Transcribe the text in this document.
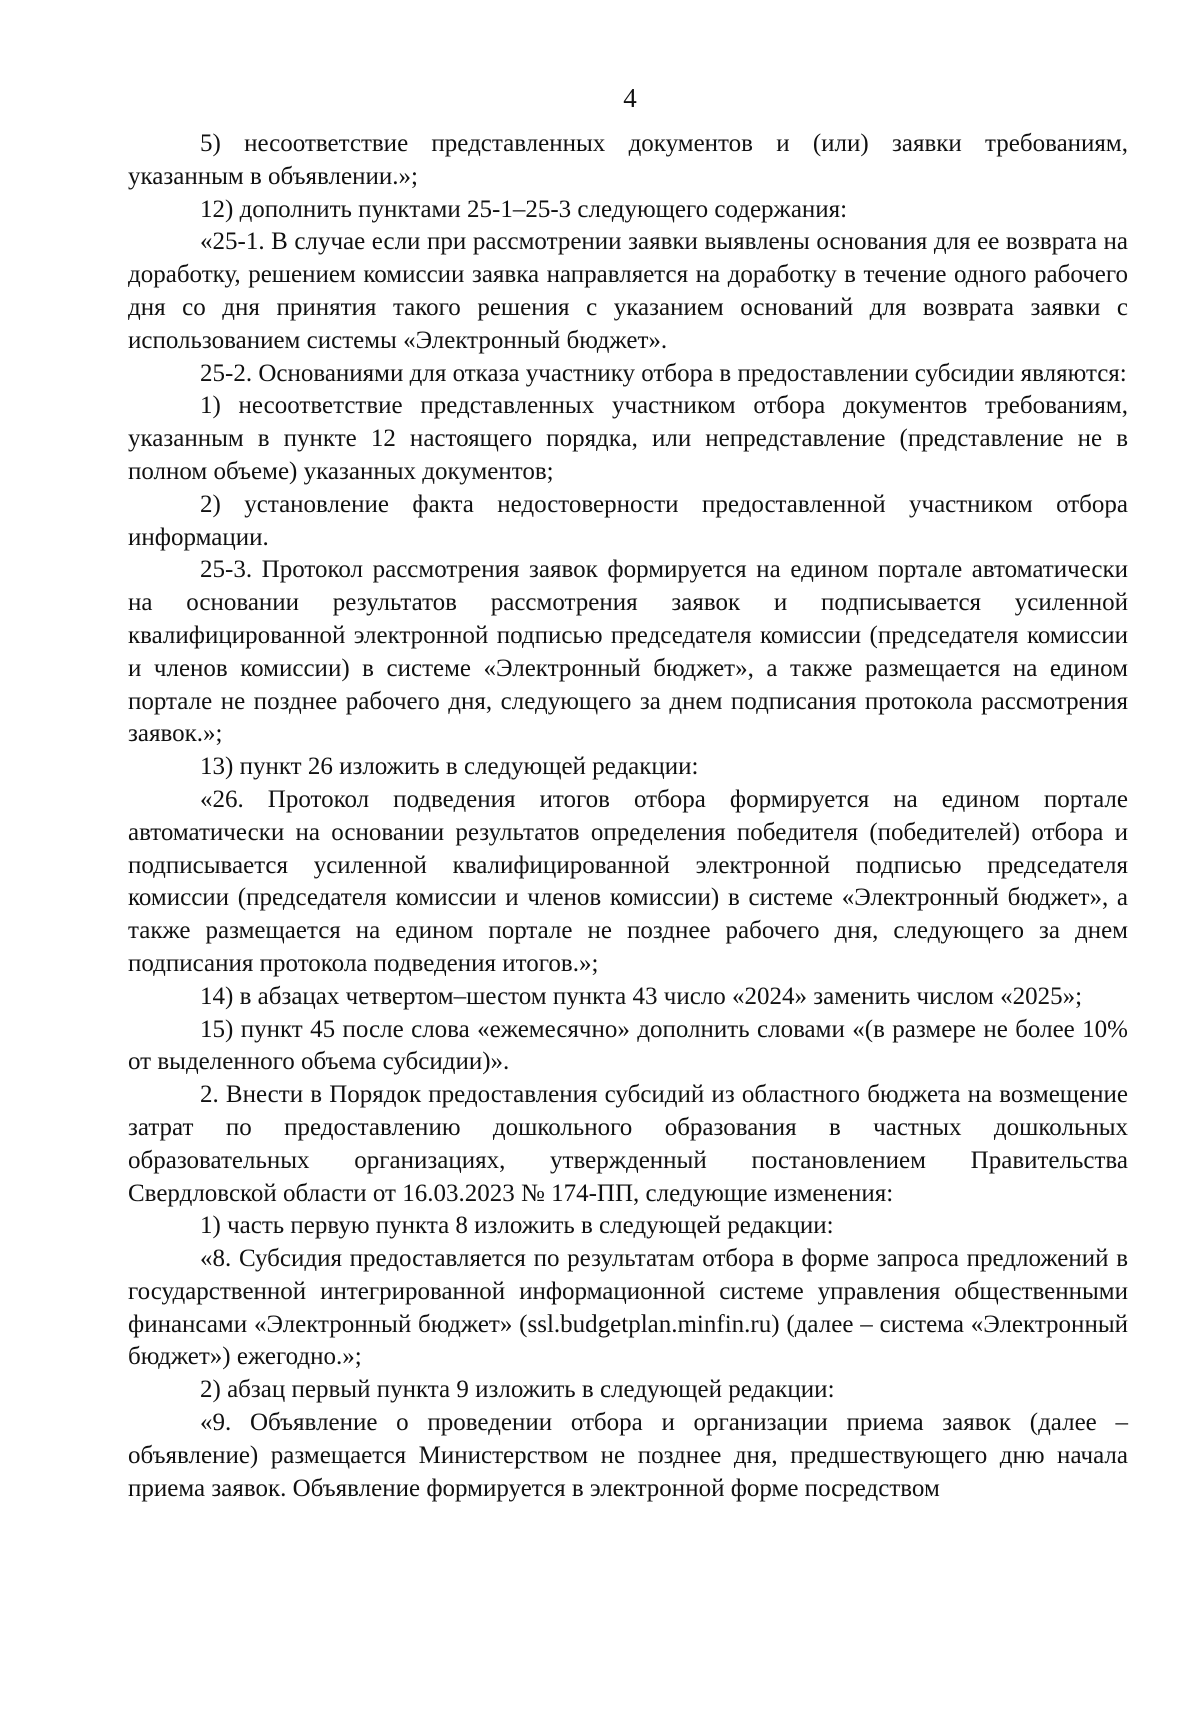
4

5) несоответствие представленных документов и (или) заявки требованиям, указанным в объявлении.»;

12) дополнить пунктами 25-1–25-3 следующего содержания:

«25-1. В случае если при рассмотрении заявки выявлены основания для ее возврата на доработку, решением комиссии заявка направляется на доработку в течение одного рабочего дня со дня принятия такого решения с указанием оснований для возврата заявки с использованием системы «Электронный бюджет».

25-2. Основаниями для отказа участнику отбора в предоставлении субсидии являются:

1) несоответствие представленных участником отбора документов требованиям, указанным в пункте 12 настоящего порядка, или непредставление (представление не в полном объеме) указанных документов;

2) установление факта недостоверности предоставленной участником отбора информации.

25-3. Протокол рассмотрения заявок формируется на едином портале автоматически на основании результатов рассмотрения заявок и подписывается усиленной квалифицированной электронной подписью председателя комиссии (председателя комиссии и членов комиссии) в системе «Электронный бюджет», а также размещается на едином портале не позднее рабочего дня, следующего за днем подписания протокола рассмотрения заявок.»;

13) пункт 26 изложить в следующей редакции:

«26. Протокол подведения итогов отбора формируется на едином портале автоматически на основании результатов определения победителя (победителей) отбора и подписывается усиленной квалифицированной электронной подписью председателя комиссии (председателя комиссии и членов комиссии) в системе «Электронный бюджет», а также размещается на едином портале не позднее рабочего дня, следующего за днем подписания протокола подведения итогов.»;

14) в абзацах четвертом–шестом пункта 43 число «2024» заменить числом «2025»;

15) пункт 45 после слова «ежемесячно» дополнить словами «(в размере не более 10% от выделенного объема субсидии)».

2. Внести в Порядок предоставления субсидий из областного бюджета на возмещение затрат по предоставлению дошкольного образования в частных дошкольных образовательных организациях, утвержденный постановлением Правительства Свердловской области от 16.03.2023 № 174-ПП, следующие изменения:

1) часть первую пункта 8 изложить в следующей редакции:

«8. Субсидия предоставляется по результатам отбора в форме запроса предложений в государственной интегрированной информационной системе управления общественными финансами «Электронный бюджет» (ssl.budgetplan.minfin.ru) (далее – система «Электронный бюджет») ежегодно.»;

2) абзац первый пункта 9 изложить в следующей редакции:

«9. Объявление о проведении отбора и организации приема заявок (далее – объявление) размещается Министерством не позднее дня, предшествующего дню начала приема заявок. Объявление формируется в электронной форме посредством
